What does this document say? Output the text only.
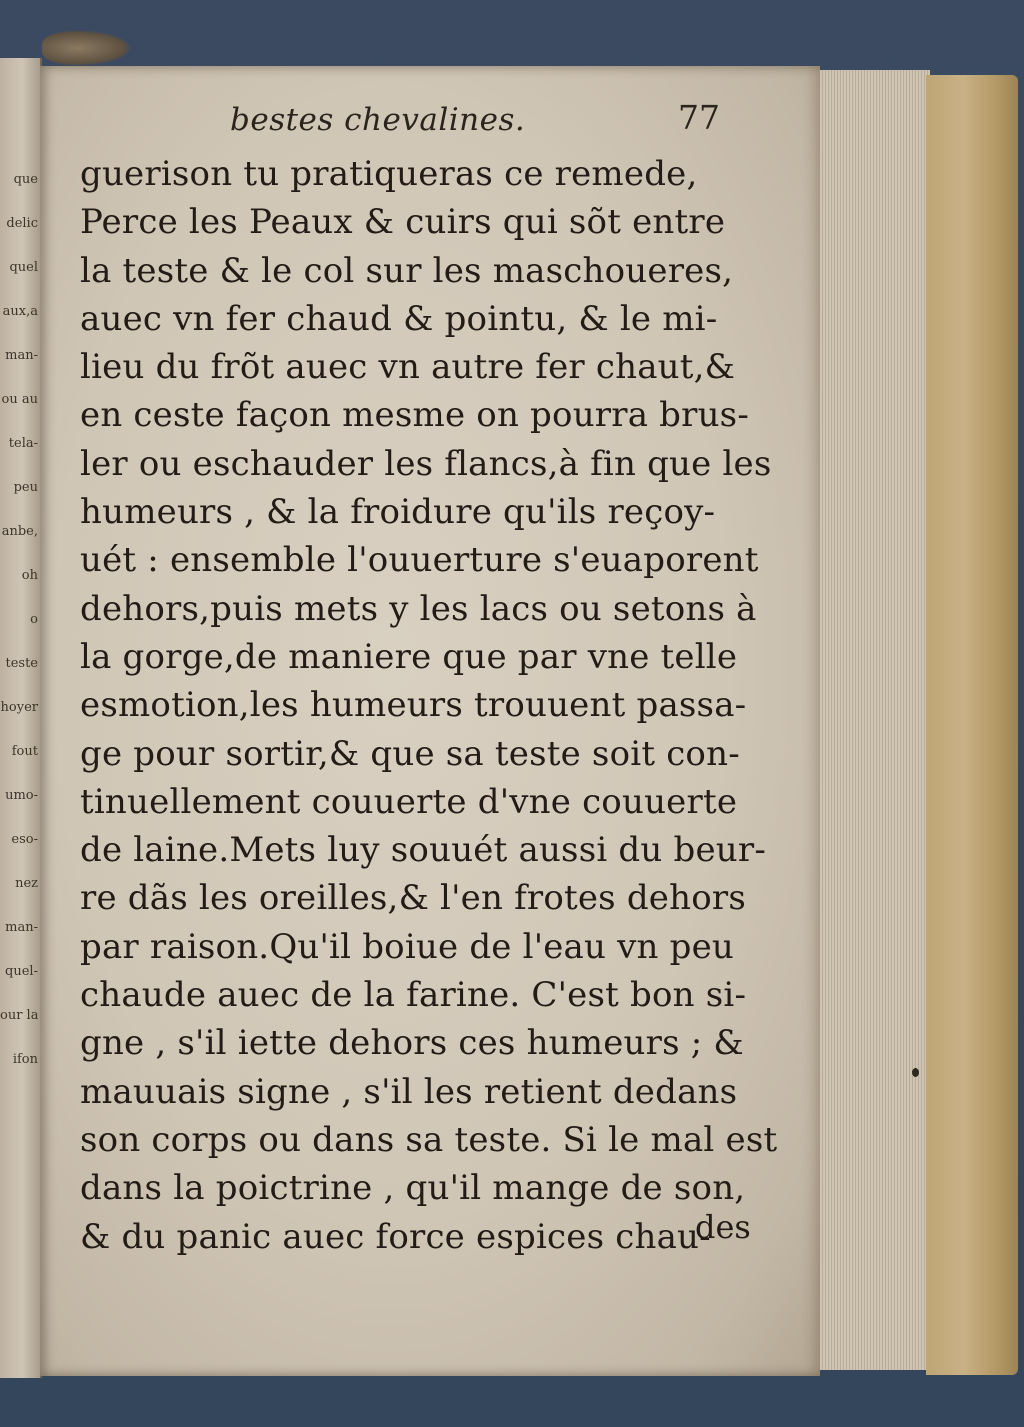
que
delic
quel
aux,a
man-
ou au
tela-
peu
anbe,
oh
o
teste
hoyer
fout
umo-
eso-
nez
man-
quel-
our la
ifon
bestes chevalines.	77
guerison tu pratiqueras ce remede,
Perce les Peaux & cuirs qui sõt entre
la teste & le col sur les maschoueres,
auec vn fer chaud & pointu, & le mi-
lieu du frõt auec vn autre fer chaut,&
en ceste façon mesme on pourra brus-
ler ou eschauder les flancs,à fin que les
humeurs , & la froidure qu'ils reçoy-
uét : ensemble l'ouuerture s'euaporent
dehors,puis mets y les lacs ou setons à
la gorge,de maniere que par vne telle
esmotion,les humeurs trouuent passa-
ge pour sortir,& que sa teste soit con-
tinuellement couuerte d'vne couuerte
de laine.Mets luy souuét aussi du beur-
re dãs les oreilles,& l'en frotes dehors
par raison.Qu'il boiue de l'eau vn peu
chaude auec de la farine. C'est bon si-
gne , s'il iette dehors ces humeurs ; &
mauuais signe , s'il les retient dedans
son corps ou dans sa teste. Si le mal est
dans la poictrine , qu'il mange de son,
& du panic auec force espices chau-
des
